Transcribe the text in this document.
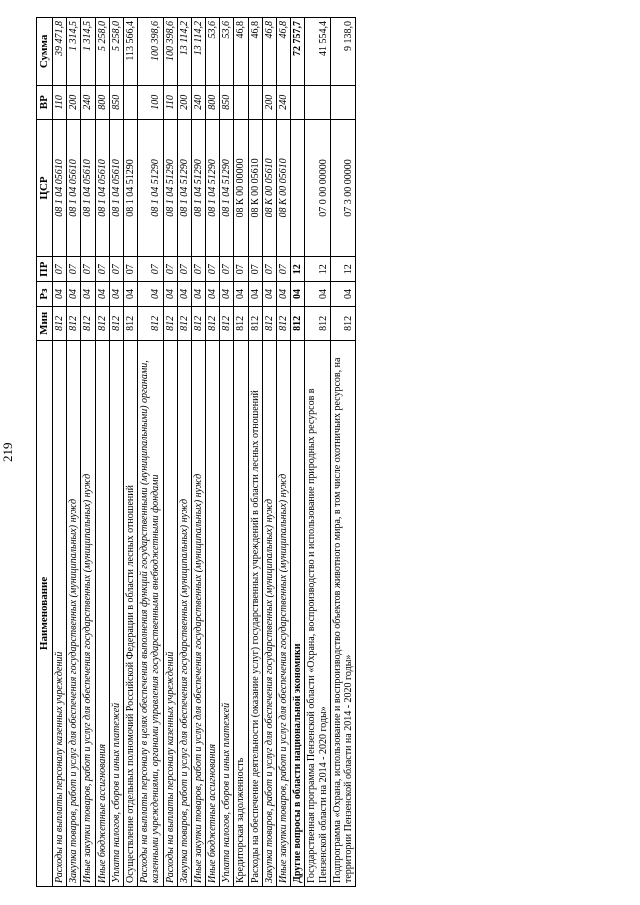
219
Наименование	Мин	Рз	ПР	ЦСР	ВР	Сумма
Расходы на выплаты персоналу казенных учреждений	812	04	07	08 1 04 05610	110	39 471,8
Закупка товаров, работ и услуг для обеспечения государственных (муниципальных) нужд	812	04	07	08 1 04 05610	200	1 314,5
Иные закупки товаров, работ и услуг для обеспечения государственных (муниципальных) нужд	812	04	07	08 1 04 05610	240	1 314,5
Иные бюджетные ассигнования	812	04	07	08 1 04 05610	800	5 258,0
Уплата налогов, сборов и иных платежей	812	04	07	08 1 04 05610	850	5 258,0
Осуществление отдельных полномочий Российской Федерации в области лесных отношений	812	04	07	08 1 04 51290		113 566,4
Расходы на выплаты персоналу в целях обеспечения выполнения функций государственными (муниципальными) органами, казенными учреждениями, органами управления государственными внебюджетными фондами	812	04	07	08 1 04 51290	100	100 398,6
Расходы на выплаты персоналу казенных учреждений	812	04	07	08 1 04 51290	110	100 398,6
Закупка товаров, работ и услуг для обеспечения государственных (муниципальных) нужд	812	04	07	08 1 04 51290	200	13 114,2
Иные закупки товаров, работ и услуг для обеспечения государственных (муниципальных) нужд	812	04	07	08 1 04 51290	240	13 114,2
Иные бюджетные ассигнования	812	04	07	08 1 04 51290	800	53,6
Уплата налогов, сборов и иных платежей	812	04	07	08 1 04 51290	850	53,6
Кредиторская задолженность	812	04	07	08 К 00 00000		46,8
Расходы на обеспечение деятельности (оказание услуг) государственных учреждений в области лесных отношений	812	04	07	08 К 00 05610		46,8
Закупка товаров, работ и услуг для обеспечения государственных (муниципальных) нужд	812	04	07	08 К 00 05610	200	46,8
Иные закупки товаров, работ и услуг для обеспечения государственных (муниципальных) нужд	812	04	07	08 К 00 05610	240	46,8
Другие вопросы в области национальной экономики	812	04	12			72 757,7
Государственная программа Пензенской области «Охрана, воспроизводство и использование природных ресурсов в Пензенской области на 2014 - 2020 годы»	812	04	12	07 0 00 00000		41 554,4
Подпрограмма «Охрана, использование и воспроизводство объектов животного мира, в том числе охотничьих ресурсов, на территории Пензенской области на 2014 - 2020 годы»	812	04	12	07 3 00 00000		9 138,0
